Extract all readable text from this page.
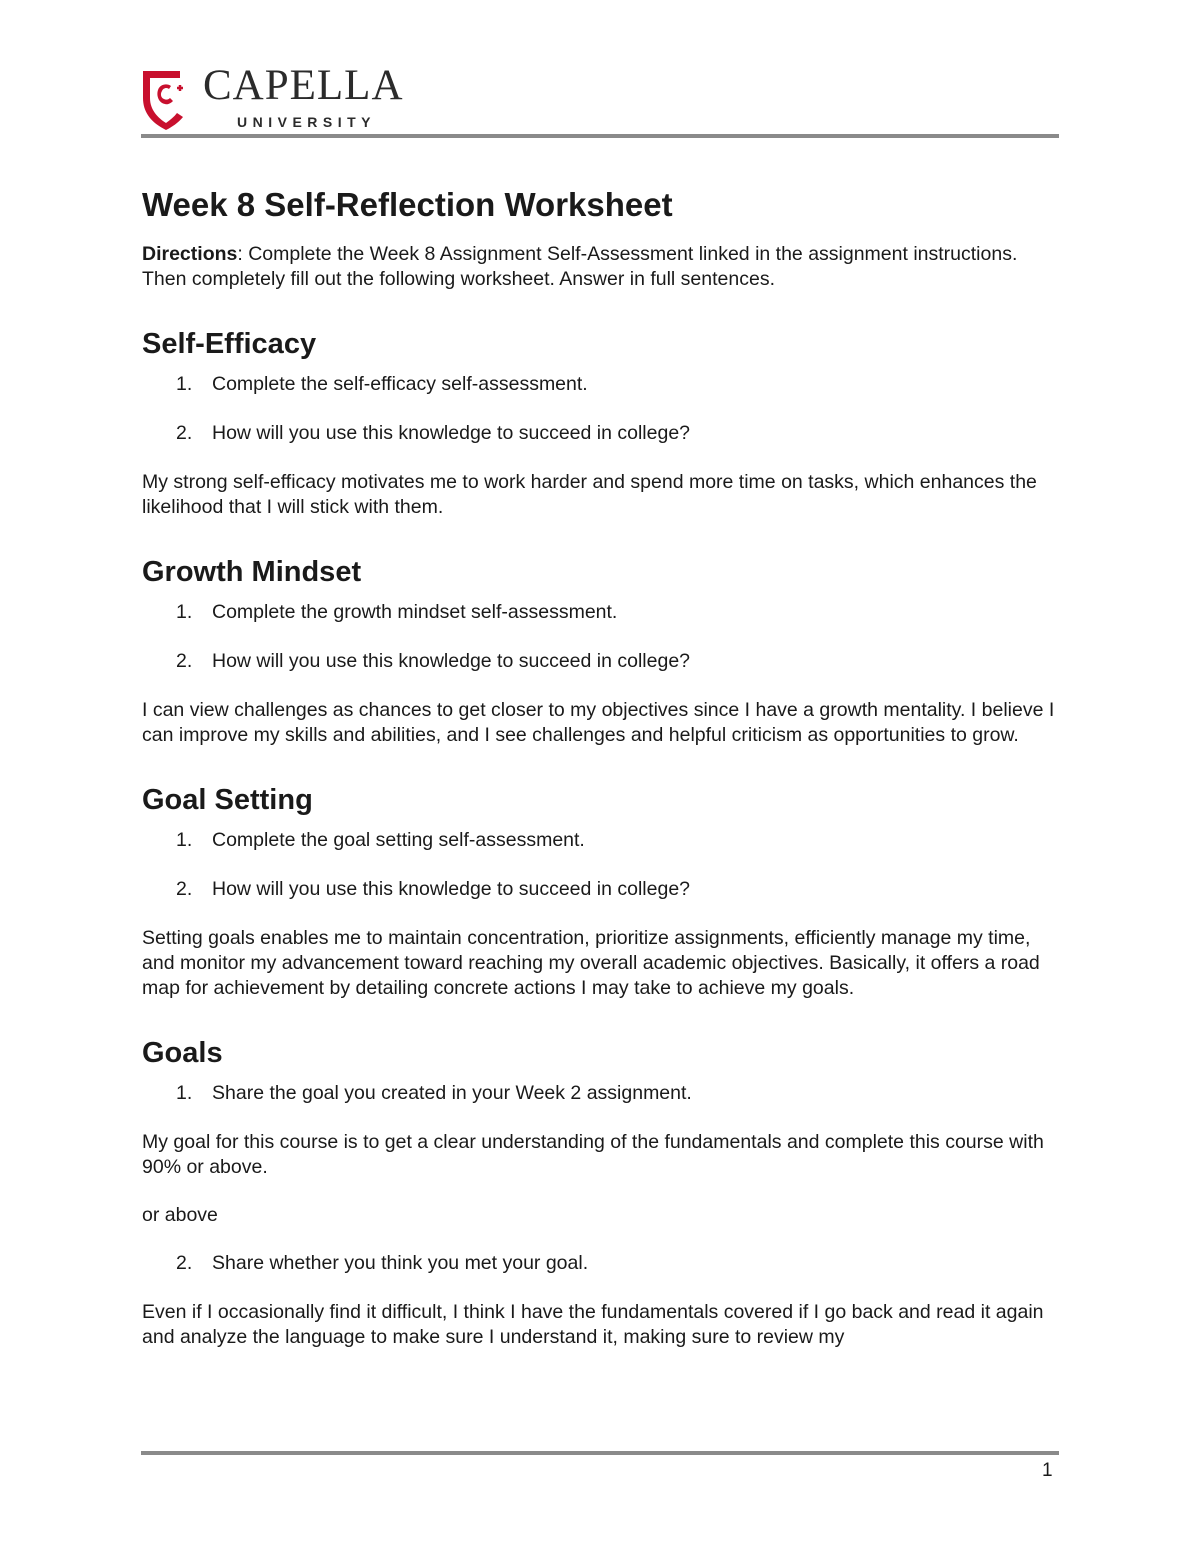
CAPELLA
UNIVERSITY
Week 8 Self-Reflection Worksheet

Directions: Complete the Week 8 Assignment Self-Assessment linked in the assignment instructions. Then completely fill out the following worksheet. Answer in full sentences.

Self-Efficacy
1. Complete the self-efficacy self-assessment.
2. How will you use this knowledge to succeed in college?

My strong self-efficacy motivates me to work harder and spend more time on tasks, which enhances the likelihood that I will stick with them.

Growth Mindset
1. Complete the growth mindset self-assessment.
2. How will you use this knowledge to succeed in college?

I can view challenges as chances to get closer to my objectives since I have a growth mentality. I believe I can improve my skills and abilities, and I see challenges and helpful criticism as opportunities to grow.

Goal Setting
1. Complete the goal setting self-assessment.
2. How will you use this knowledge to succeed in college?

Setting goals enables me to maintain concentration, prioritize assignments, efficiently manage my time, and monitor my advancement toward reaching my overall academic objectives. Basically, it offers a road map for achievement by detailing concrete actions I may take to achieve my goals.

Goals
1. Share the goal you created in your Week 2 assignment.

My goal for this course is to get a clear understanding of the fundamentals and complete this course with 90% or above.

or above

2. Share whether you think you met your goal.

Even if I occasionally find it difficult, I think I have the fundamentals covered if I go back and read it again and analyze the language to make sure I understand it, making sure to review my

1
